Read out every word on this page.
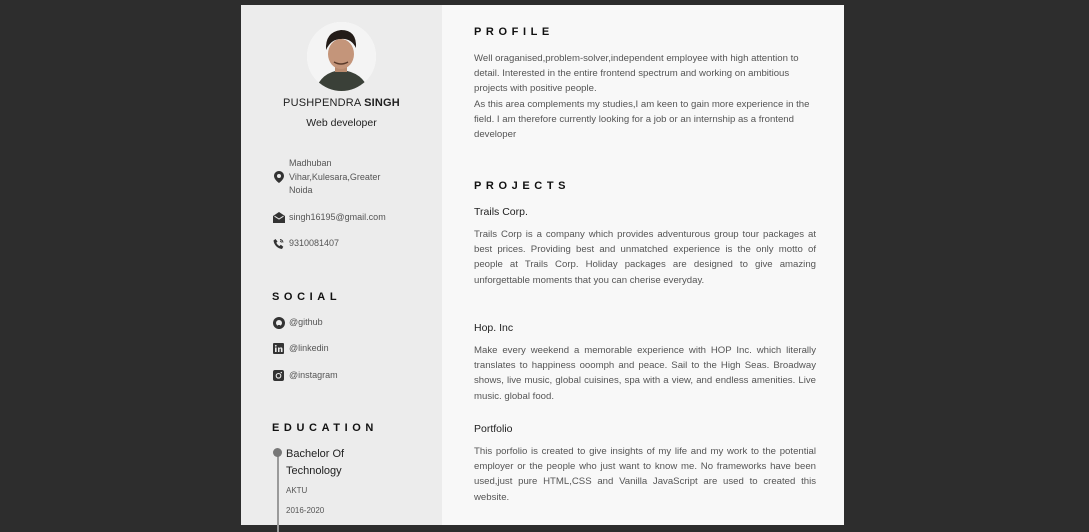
PUSHPENDRA SINGH
Web developer
Madhuban
Vihar,Kulesara,Greater
Noida
singh16195@gmail.com
9310081407
SOCIAL
@github
@linkedin
@instagram
EDUCATION
Bachelor Of Technology
AKTU
2016-2020
PROFILE
Well oraganised,problem-solver,independent employee with high attention to detail. Interested in the entire frontend spectrum and working on ambitious projects with positive people.
As this area complements my studies,I am keen to gain more experience in the field. I am therefore currently looking for a job or an internship as a frontend developer
PROJECTS
Trails Corp.
Trails Corp is a company which provides adventurous group tour packages at best prices. Providing best and unmatched experience is the only motto of people at Trails Corp. Holiday packages are designed to give amazing unforgettable moments that you can cherise everyday.
Hop. Inc
Make every weekend a memorable experience with HOP Inc. which literally translates to happiness ooomph and peace. Sail to the High Seas. Broadway shows, live music, global cuisines, spa with a view, and endless amenities. Live music. global food.
Portfolio
This porfolio is created to give insights of my life and my work to the potential employer or the people who just want to know me. No frameworks have been used,just pure HTML,CSS and Vanilla JavaScript are used to created this website.
